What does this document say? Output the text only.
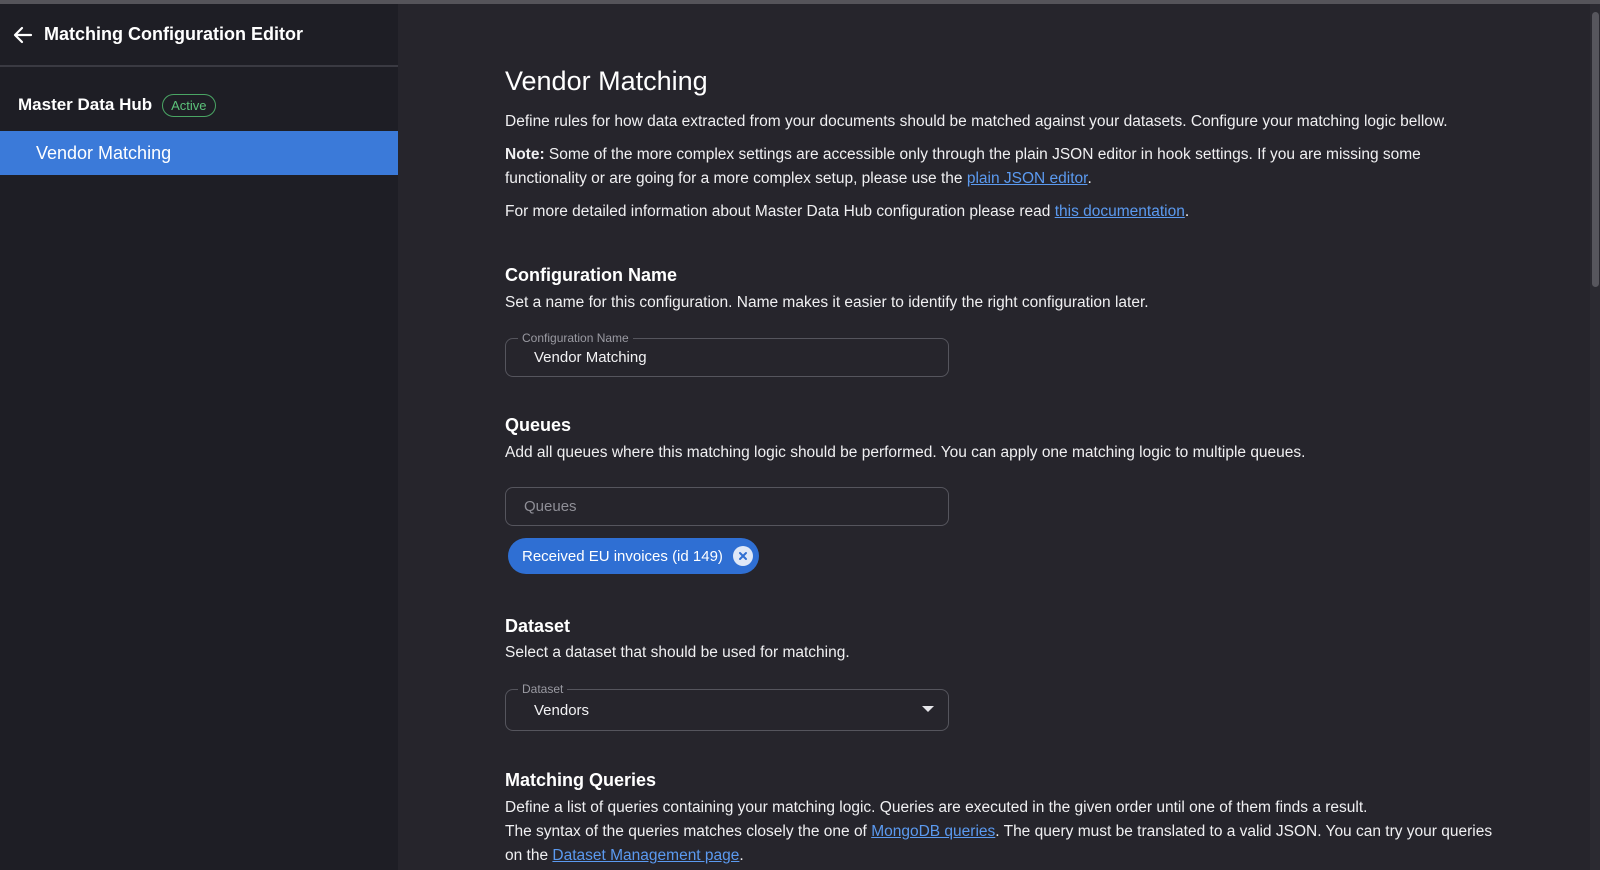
Matching Configuration Editor
Master Data Hub	Active
Vendor Matching
Vendor Matching
Define rules for how data extracted from your documents should be matched against your datasets. Configure your matching logic bellow.
Note: Some of the more complex settings are accessible only through the plain JSON editor in hook settings. If you are missing some functionality or are going for a more complex setup, please use the plain JSON editor.
For more detailed information about Master Data Hub configuration please read this documentation.
Configuration Name
Set a name for this configuration. Name makes it easier to identify the right configuration later.
Configuration Name
Vendor Matching
Queues
Add all queues where this matching logic should be performed. You can apply one matching logic to multiple queues.
Queues
Received EU invoices (id 149)
Dataset
Select a dataset that should be used for matching.
Dataset
Vendors
Matching Queries
Define a list of queries containing your matching logic. Queries are executed in the given order until one of them finds a result.
The syntax of the queries matches closely the one of MongoDB queries. The query must be translated to a valid JSON. You can try your queries on the Dataset Management page.
